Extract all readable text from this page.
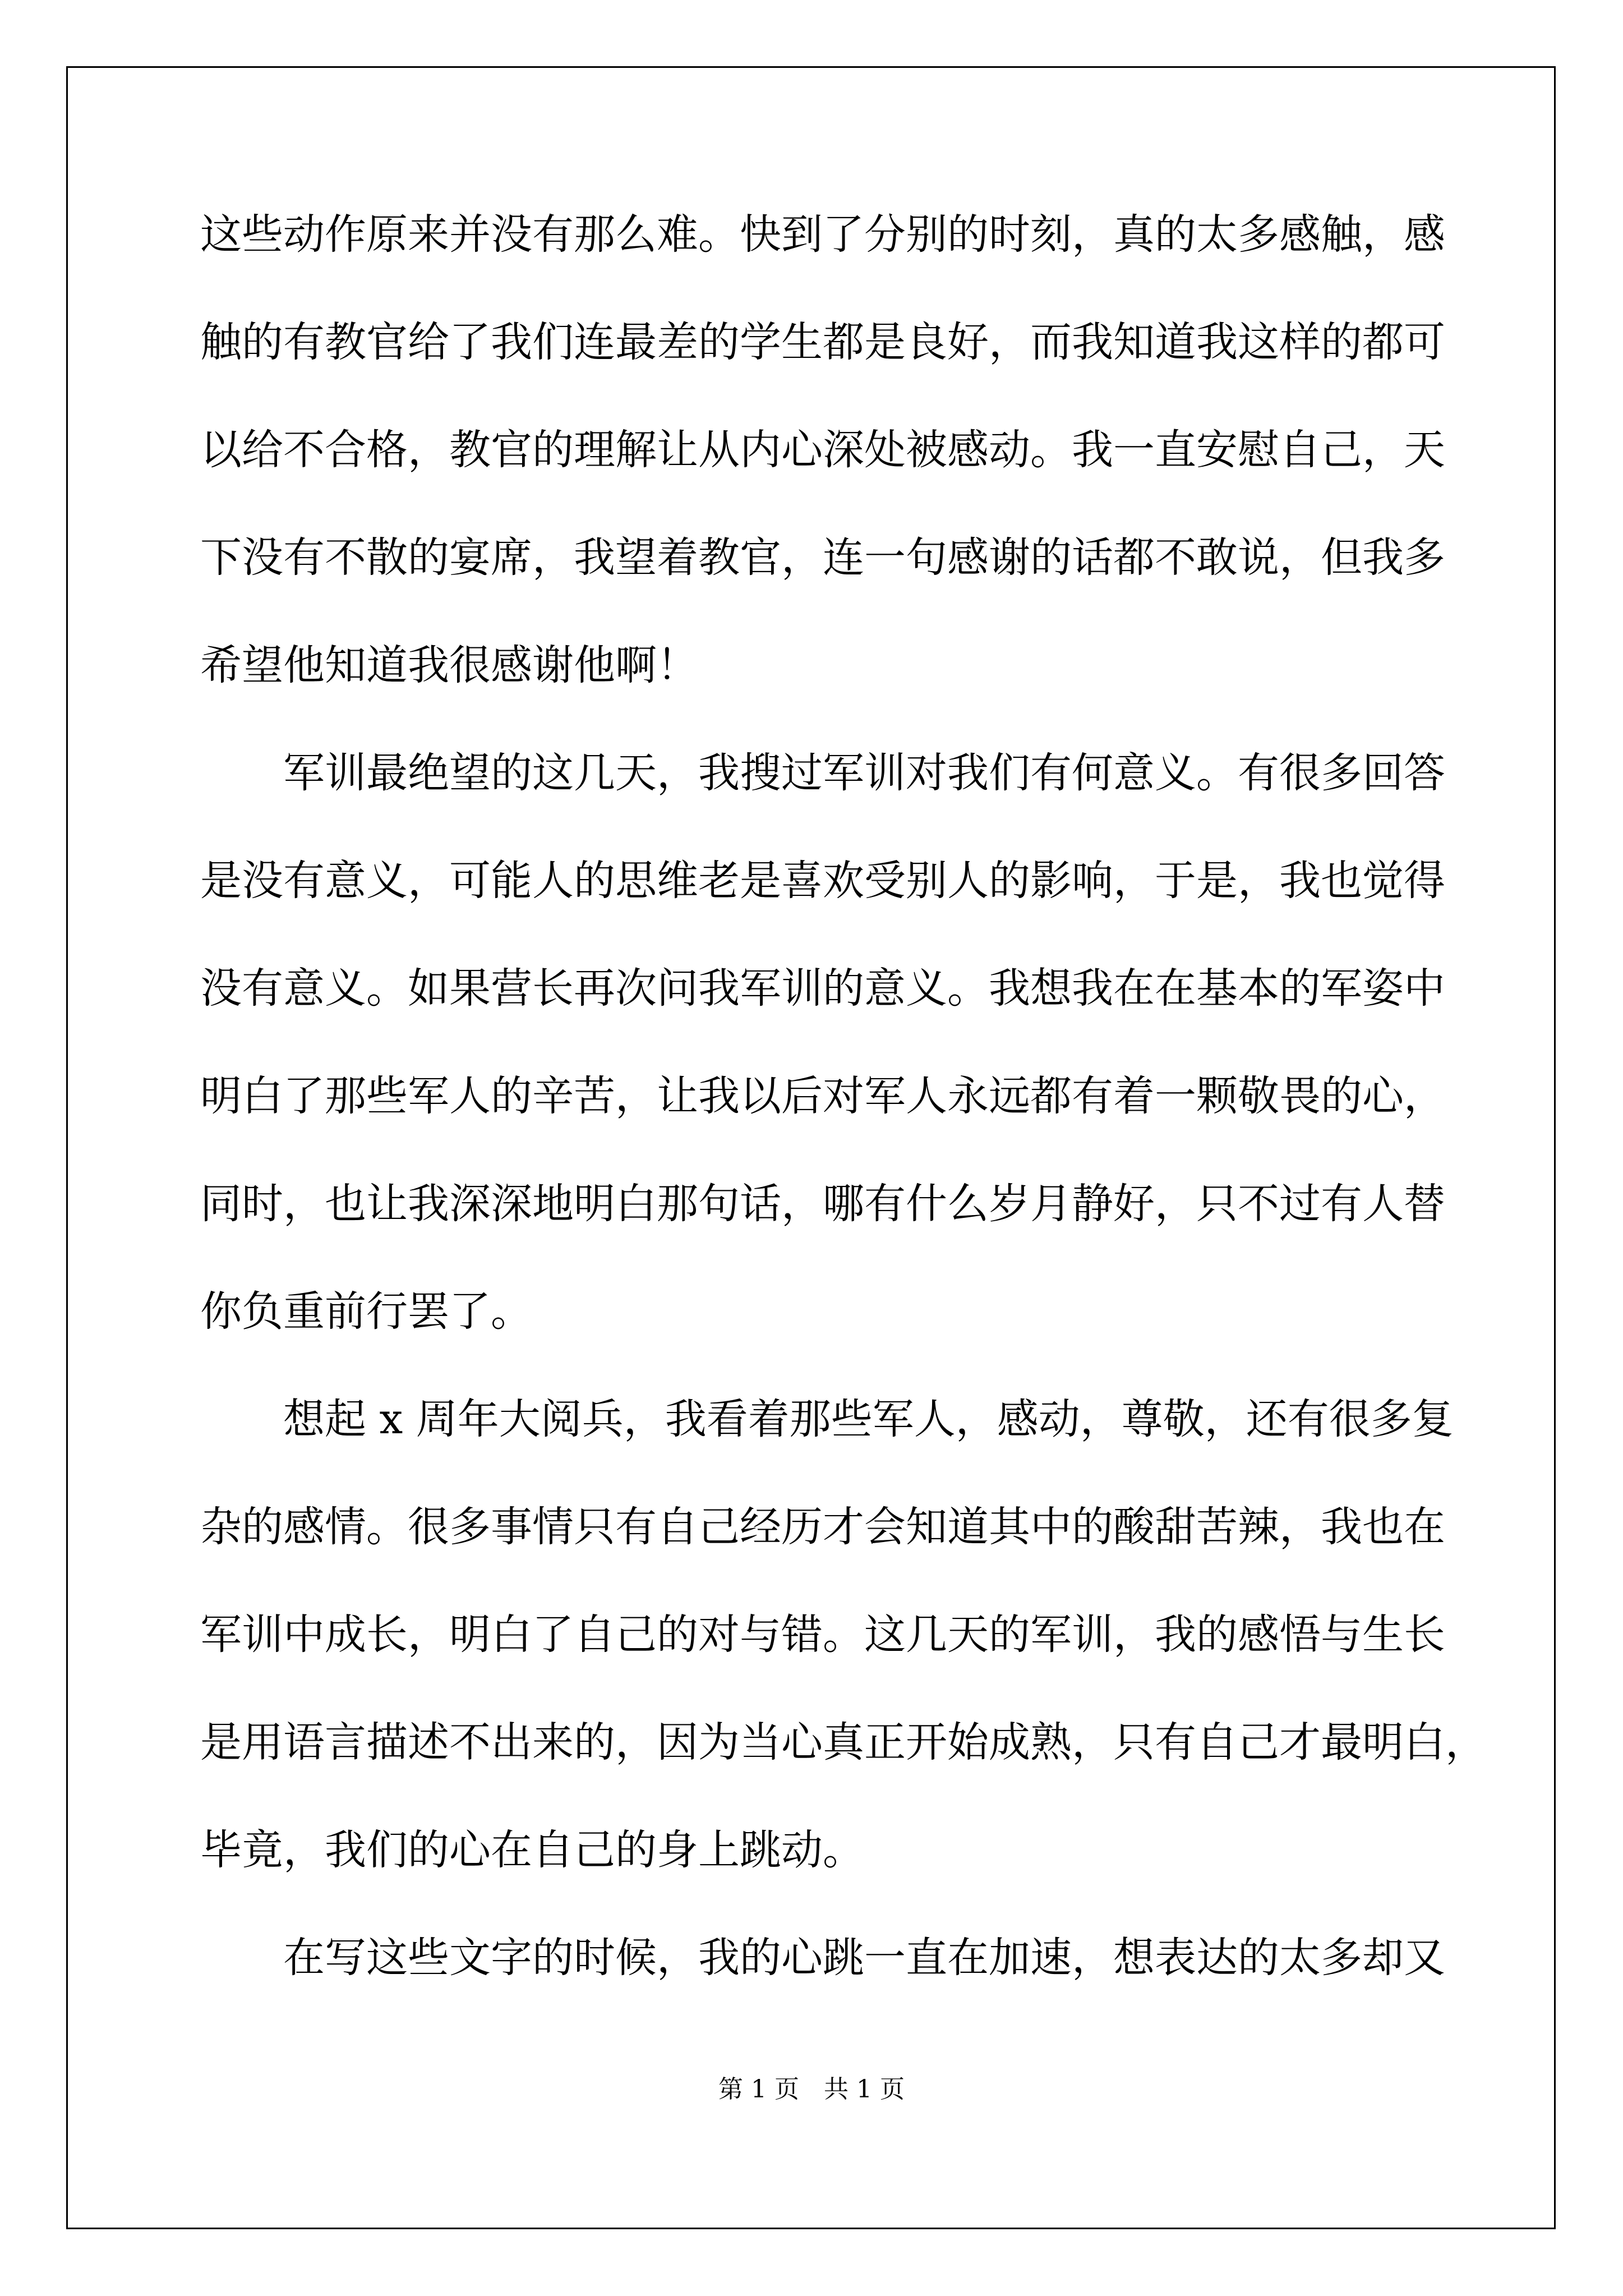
这些动作原来并没有那么难。快到了分别的时刻，真的太多感触，感
触的有教官给了我们连最差的学生都是良好，而我知道我这样的都可
以给不合格，教官的理解让从内心深处被感动。我一直安慰自己，天
下没有不散的宴席，我望着教官，连一句感谢的话都不敢说，但我多
希望他知道我很感谢他啊！
军训最绝望的这几天，我搜过军训对我们有何意义。有很多回答
是没有意义，可能人的思维老是喜欢受别人的影响，于是，我也觉得
没有意义。如果营长再次问我军训的意义。我想我在在基本的军姿中
明白了那些军人的辛苦，让我以后对军人永远都有着一颗敬畏的心，
同时，也让我深深地明白那句话，哪有什么岁月静好，只不过有人替
你负重前行罢了。
想起 x 周年大阅兵，我看着那些军人，感动，尊敬，还有很多复
杂的感情。很多事情只有自己经历才会知道其中的酸甜苦辣，我也在
军训中成长，明白了自己的对与错。这几天的军训，我的感悟与生长
是用语言描述不出来的，因为当心真正开始成熟，只有自己才最明白，
毕竟，我们的心在自己的身上跳动。
在写这些文字的时候，我的心跳一直在加速，想表达的太多却又
第 1 页　共 1 页
